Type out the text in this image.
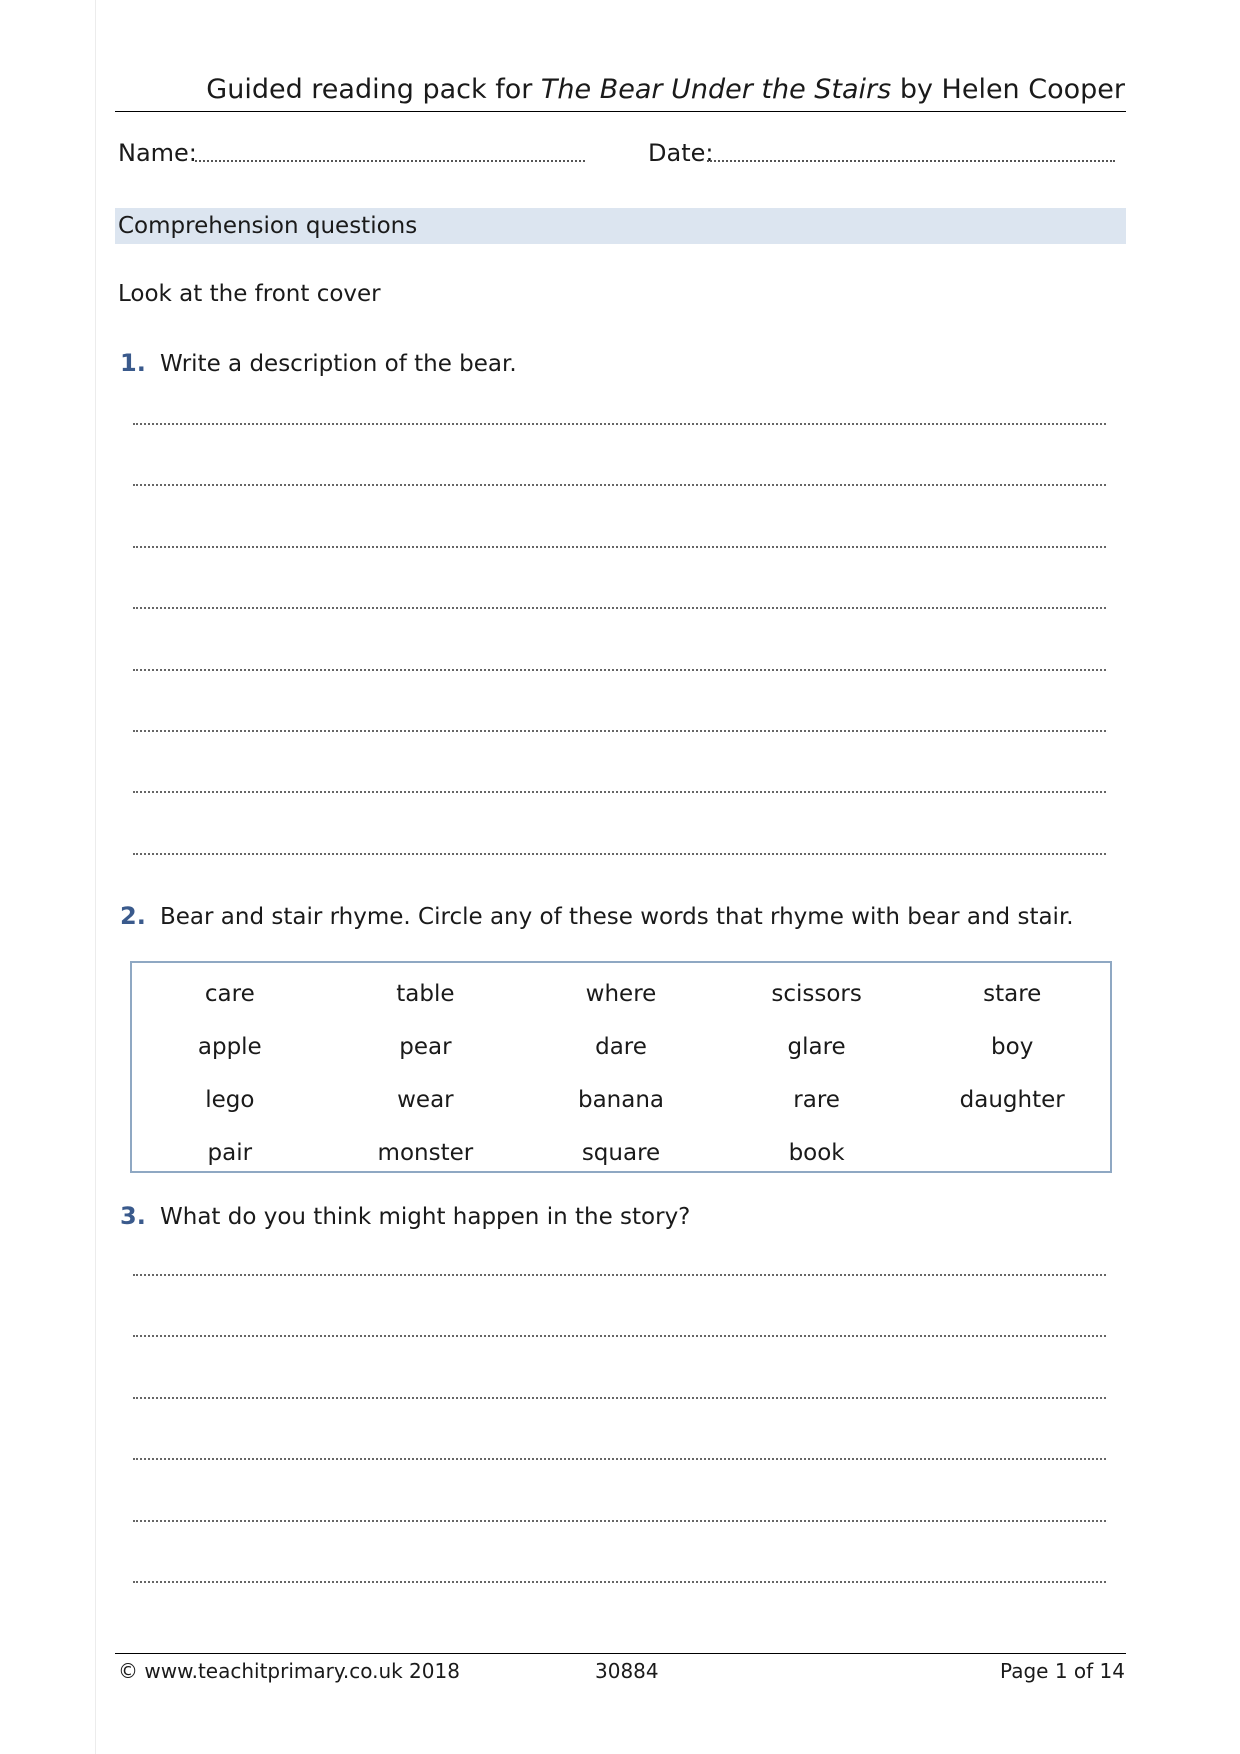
Guided reading pack for The Bear Under the Stairs by Helen Cooper
Name:	Date:
Comprehension questions
Look at the front cover
1. Write a description of the bear.
2. Bear and stair rhyme. Circle any of these words that rhyme with bear and stair.
care	table	where	scissors	stare
apple	pear	dare	glare	boy
lego	wear	banana	rare	daughter
pair	monster	square	book
3. What do you think might happen in the story?
© www.teachitprimary.co.uk 2018	30884	Page 1 of 14
